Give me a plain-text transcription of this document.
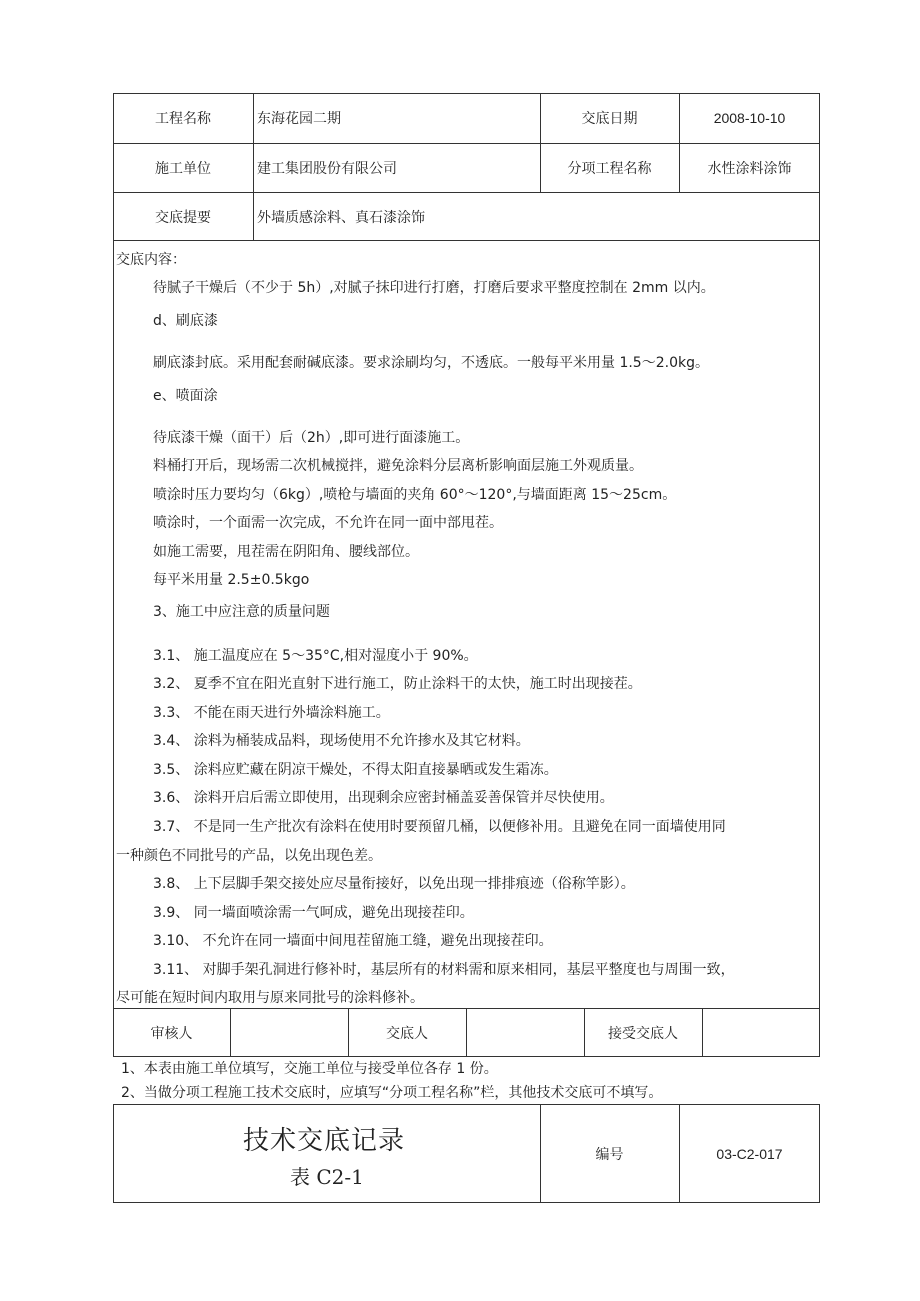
工程名称	东海花园二期	交底日期	2008-10-10
施工单位	建工集团股份有限公司	分项工程名称	水性涂料涂饰
交底提要	外墙质感涂料、真石漆涂饰
交底内容：
待腻子干燥后（不少于 5h）,对腻子抹印进行打磨，打磨后要求平整度控制在 2mm 以内。
d、刷底漆
刷底漆封底。采用配套耐碱底漆。要求涂刷均匀，不透底。一般每平米用量 1.5～2.0kg。
e、喷面涂
待底漆干燥（面干）后（2h）,即可进行面漆施工。
料桶打开后，现场需二次机械搅拌，避免涂料分层离析影响面层施工外观质量。
喷涂时压力要均匀（6kg）,喷枪与墙面的夹角 60°～120°,与墙面距离 15～25cm。
喷涂时，一个面需一次完成，不允许在同一面中部甩茬。
如施工需要，甩茬需在阴阳角、腰线部位。
每平米用量 2.5±0.5kgo
3、施工中应注意的质量问题
3.1、 施工温度应在 5～35°C,相对湿度小于 90%。
3.2、 夏季不宜在阳光直射下进行施工，防止涂料干的太快，施工时出现接茬。
3.3、 不能在雨天进行外墙涂料施工。
3.4、 涂料为桶装成品料，现场使用不允许掺水及其它材料。
3.5、 涂料应贮藏在阴凉干燥处，不得太阳直接暴晒或发生霜冻。
3.6、 涂料开启后需立即使用，出现剩余应密封桶盖妥善保管并尽快使用。
3.7、 不是同一生产批次有涂料在使用时要预留几桶，以便修补用。且避免在同一面墙使用同
一种颜色不同批号的产品，以免出现色差。
3.8、 上下层脚手架交接处应尽量衔接好，以免出现一排排痕迹（俗称竿影）。
3.9、 同一墙面喷涂需一气呵成，避免出现接茬印。
3.10、 不允许在同一墙面中间甩茬留施工缝，避免出现接茬印。
3.11、 对脚手架孔洞进行修补时，基层所有的材料需和原来相同，基层平整度也与周围一致，
尽可能在短时间内取用与原来同批号的涂料修补。
审核人	交底人	接受交底人
1、本表由施工单位填写，交施工单位与接受单位各存 1 份。
2、当做分项工程施工技术交底时，应填写“分项工程名称”栏，其他技术交底可不填写。
技术交底记录
表 C2-1
编号	03-C2-017
